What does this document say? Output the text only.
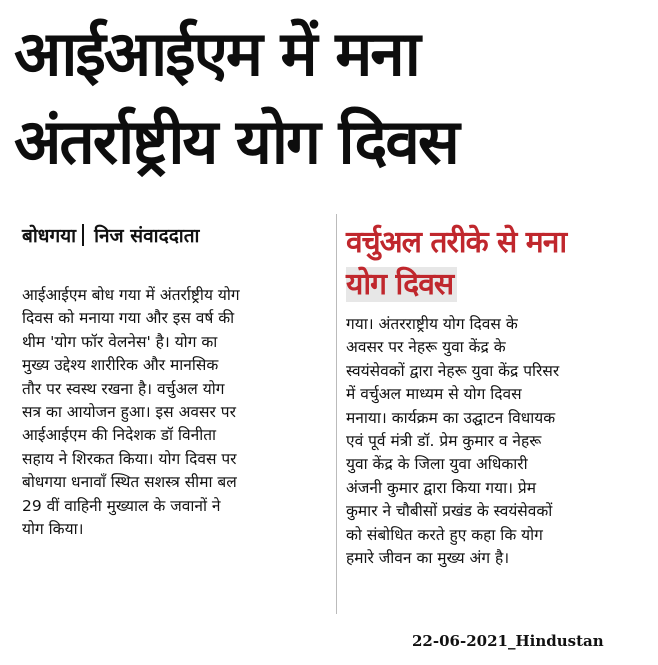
आईआईएम में मना
अंतर्राष्ट्रीय योग दिवस
बोधगया निज संवाददाता
आईआईएम बोध गया में अंतर्राष्ट्रीय योग
दिवस को मनाया गया और इस वर्ष की
थीम 'योग फॉर वेलनेस' है। योग का
मुख्य उद्देश्य शारीरिक और मानसिक
तौर पर स्वस्थ रखना है। वर्चुअल योग
सत्र का आयोजन हुआ। इस अवसर पर
आईआईएम की निदेशक डॉ विनीता
सहाय ने शिरकत किया। योग दिवस पर
बोधगया धनावाँ स्थित सशस्त्र सीमा बल
29 वीं वाहिनी मुख्याल के जवानों ने
योग किया।
वर्चुअल तरीके से मना
योग दिवस
गया। अंतरराष्ट्रीय योग दिवस के
अवसर पर नेहरू युवा केंद्र के
स्वयंसेवकों द्वारा नेहरू युवा केंद्र परिसर
में वर्चुअल माध्यम से योग दिवस
मनाया। कार्यक्रम का उद्घाटन विधायक
एवं पूर्व मंत्री डॉ. प्रेम कुमार व नेहरू
युवा केंद्र के जिला युवा अधिकारी
अंजनी कुमार द्वारा किया गया। प्रेम
कुमार ने चौबीसों प्रखंड के स्वयंसेवकों
को संबोधित करते हुए कहा कि योग
हमारे जीवन का मुख्य अंग है।
22-06-2021_Hindustan
